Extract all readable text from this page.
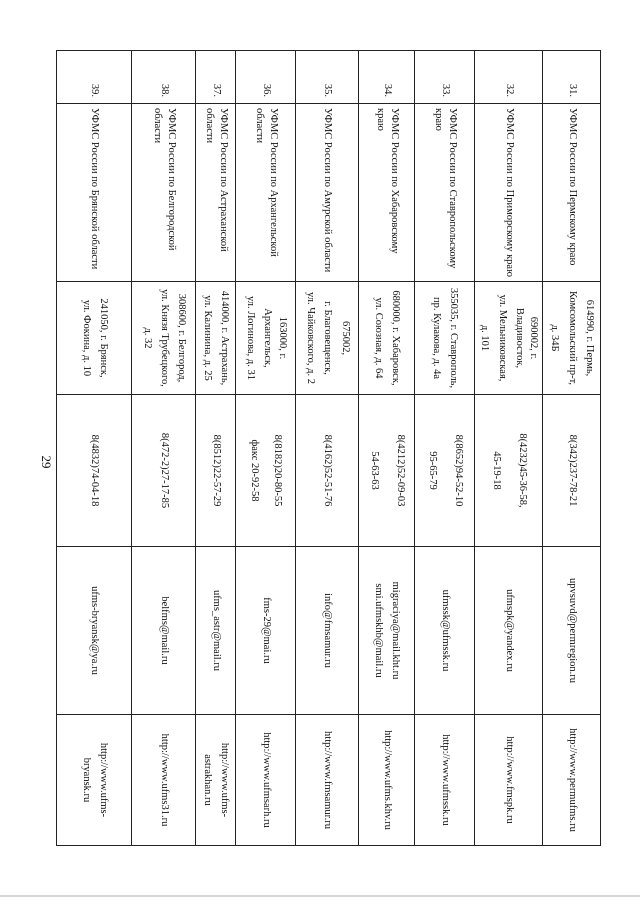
29
31.	УФМС России по Пермскому краю	614990, г. Пермь,
Комсомольский пр-т,
д. 34Б	8(342)237-78-21	upvsuvd@permregion.ru	http://www.permufms.ru
32.	УФМС России по Приморскому краю	690002, г. Владивосток,
ул. Мельниковская,
д. 101	8(4232)45-36-58,
45-19-18	ufmspk@yandex.ru	http://www.fmspk.ru
33.	УФМС России по Ставропольскому краю	355035, г. Ставрополь,
пр. Кулакова, д. 4а	8(8652)94-52-10
95-65-79	ufmssk@ufmssk.ru	http://www.ufmssk.ru
34.	УФМС России по Хабаровскому краю	680000, г. Хабаровск,
ул. Союзная, д. 64	8(4212)52-09-03
54-63-63	migraciya@mail.kht.ru
smi.ufmskhb@mail.ru	http://www.ufms.khv.ru
35.	УФМС России по Амурской области	675002,
г. Благовещенск,
ул. Чайковского, д. 2	8(4162)52-51-76	info@fmsamur.ru	http://www.fmsamur.ru
36.	УФМС России по Архангельской области	163000, г. Архангельск,
ул. Логинова, д. 31	8(8182)20-80-55
факс 20-92-58	fms-29@mai.ru	http://www.ufmsarh.ru
37.	УФМС России по Астраханской области	414000, г. Астрахань,
ул. Калинина, д. 25	8(8512)22-57-29	ufms_astr@mail.ru	http://www.ufms-
astrakhan.ru

38.	УФМС России по Белгородской области	308600, г. Белгород,
ул. Князя Трубецкого,
д. 32	8(472-2)27-17-85	belfms@mail.ru	http://www.ufms31.ru
39.	УФМС России по Брянской области	241050, г. Брянск,
ул. Фокина, д. 10	8(4832)74-04-18	ufms-bryansk@ya.ru	http://www.ufms-
bryansk.ru
